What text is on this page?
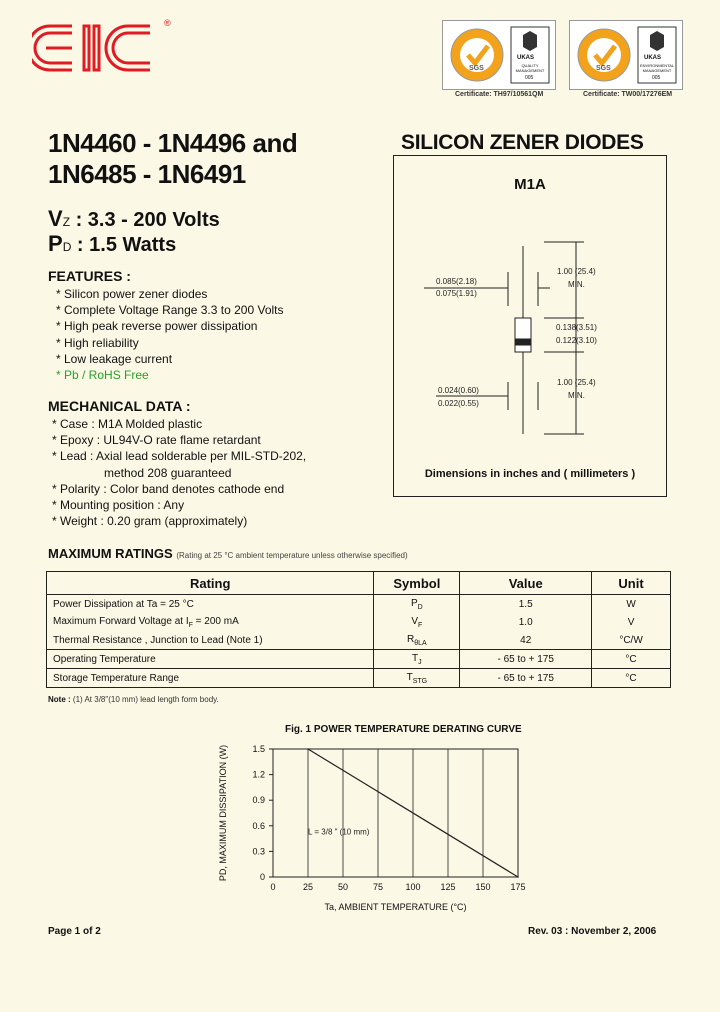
®
SGS
UKAS
QUALITY MANAGEMENT
005
Certificate: TH97/10561QM
SGS
UKAS
ENVIRONMENTAL MANAGEMENT
005
Certificate: TW00/17276EM
1N4460 - 1N4496 and
1N6485 - 1N6491
SILICON ZENER DIODES
VZ : 3.3 - 200 Volts
PD : 1.5 Watts
FEATURES :
* Silicon power zener diodes
* Complete Voltage Range 3.3 to 200 Volts
* High peak reverse power dissipation
* High reliability
* Low leakage current
* Pb / RoHS Free
MECHANICAL DATA :
* Case : M1A Molded plastic
* Epoxy : UL94V-O rate flame retardant
* Lead : Axial lead solderable per MIL-STD-202,
method 208 guaranteed
* Polarity : Color band denotes cathode end
* Mounting position : Any
* Weight : 0.20 gram (approximately)
M1A
0.085(2.18)
0.075(1.91)
1.00 (25.4)
MIN.
0.138(3.51)
0.122(3.10)
0.024(0.60)
0.022(0.55)
1.00 (25.4)
MIN.
Dimensions in inches and ( millimeters )
MAXIMUM RATINGS (Rating at 25 °C ambient temperature unless otherwise specified)
Rating	Symbol	Value	Unit
Power Dissipation at Ta = 25 °C	$P_D$	1.5	W
Maximum Forward Voltage at $I_F = 200$ mA	$V_F$	1.0	V
Thermal Resistance , Junction to Lead (Note 1)	$R_{\theta LA}$	42	°C/W
Operating Temperature	$T_J$	- 65 to + 175	°C
Storage Temperature Range	$T_{STG}$	- 65 to + 175	°C
Note : (1) At 3/8"(10 mm) lead length form body.
Fig. 1 POWER TEMPERATURE DERATING CURVE
0	25	50	75 100 125 150 175
0
0.3
0.6
0.9
1.2
1.5
L = 3/8 " (10 mm)
Ta, AMBIENT TEMPERATURE (°C)
PD, MAXIMUM DISSIPATION (W)
Page 1 of 2	Rev. 03 : November 2, 2006
